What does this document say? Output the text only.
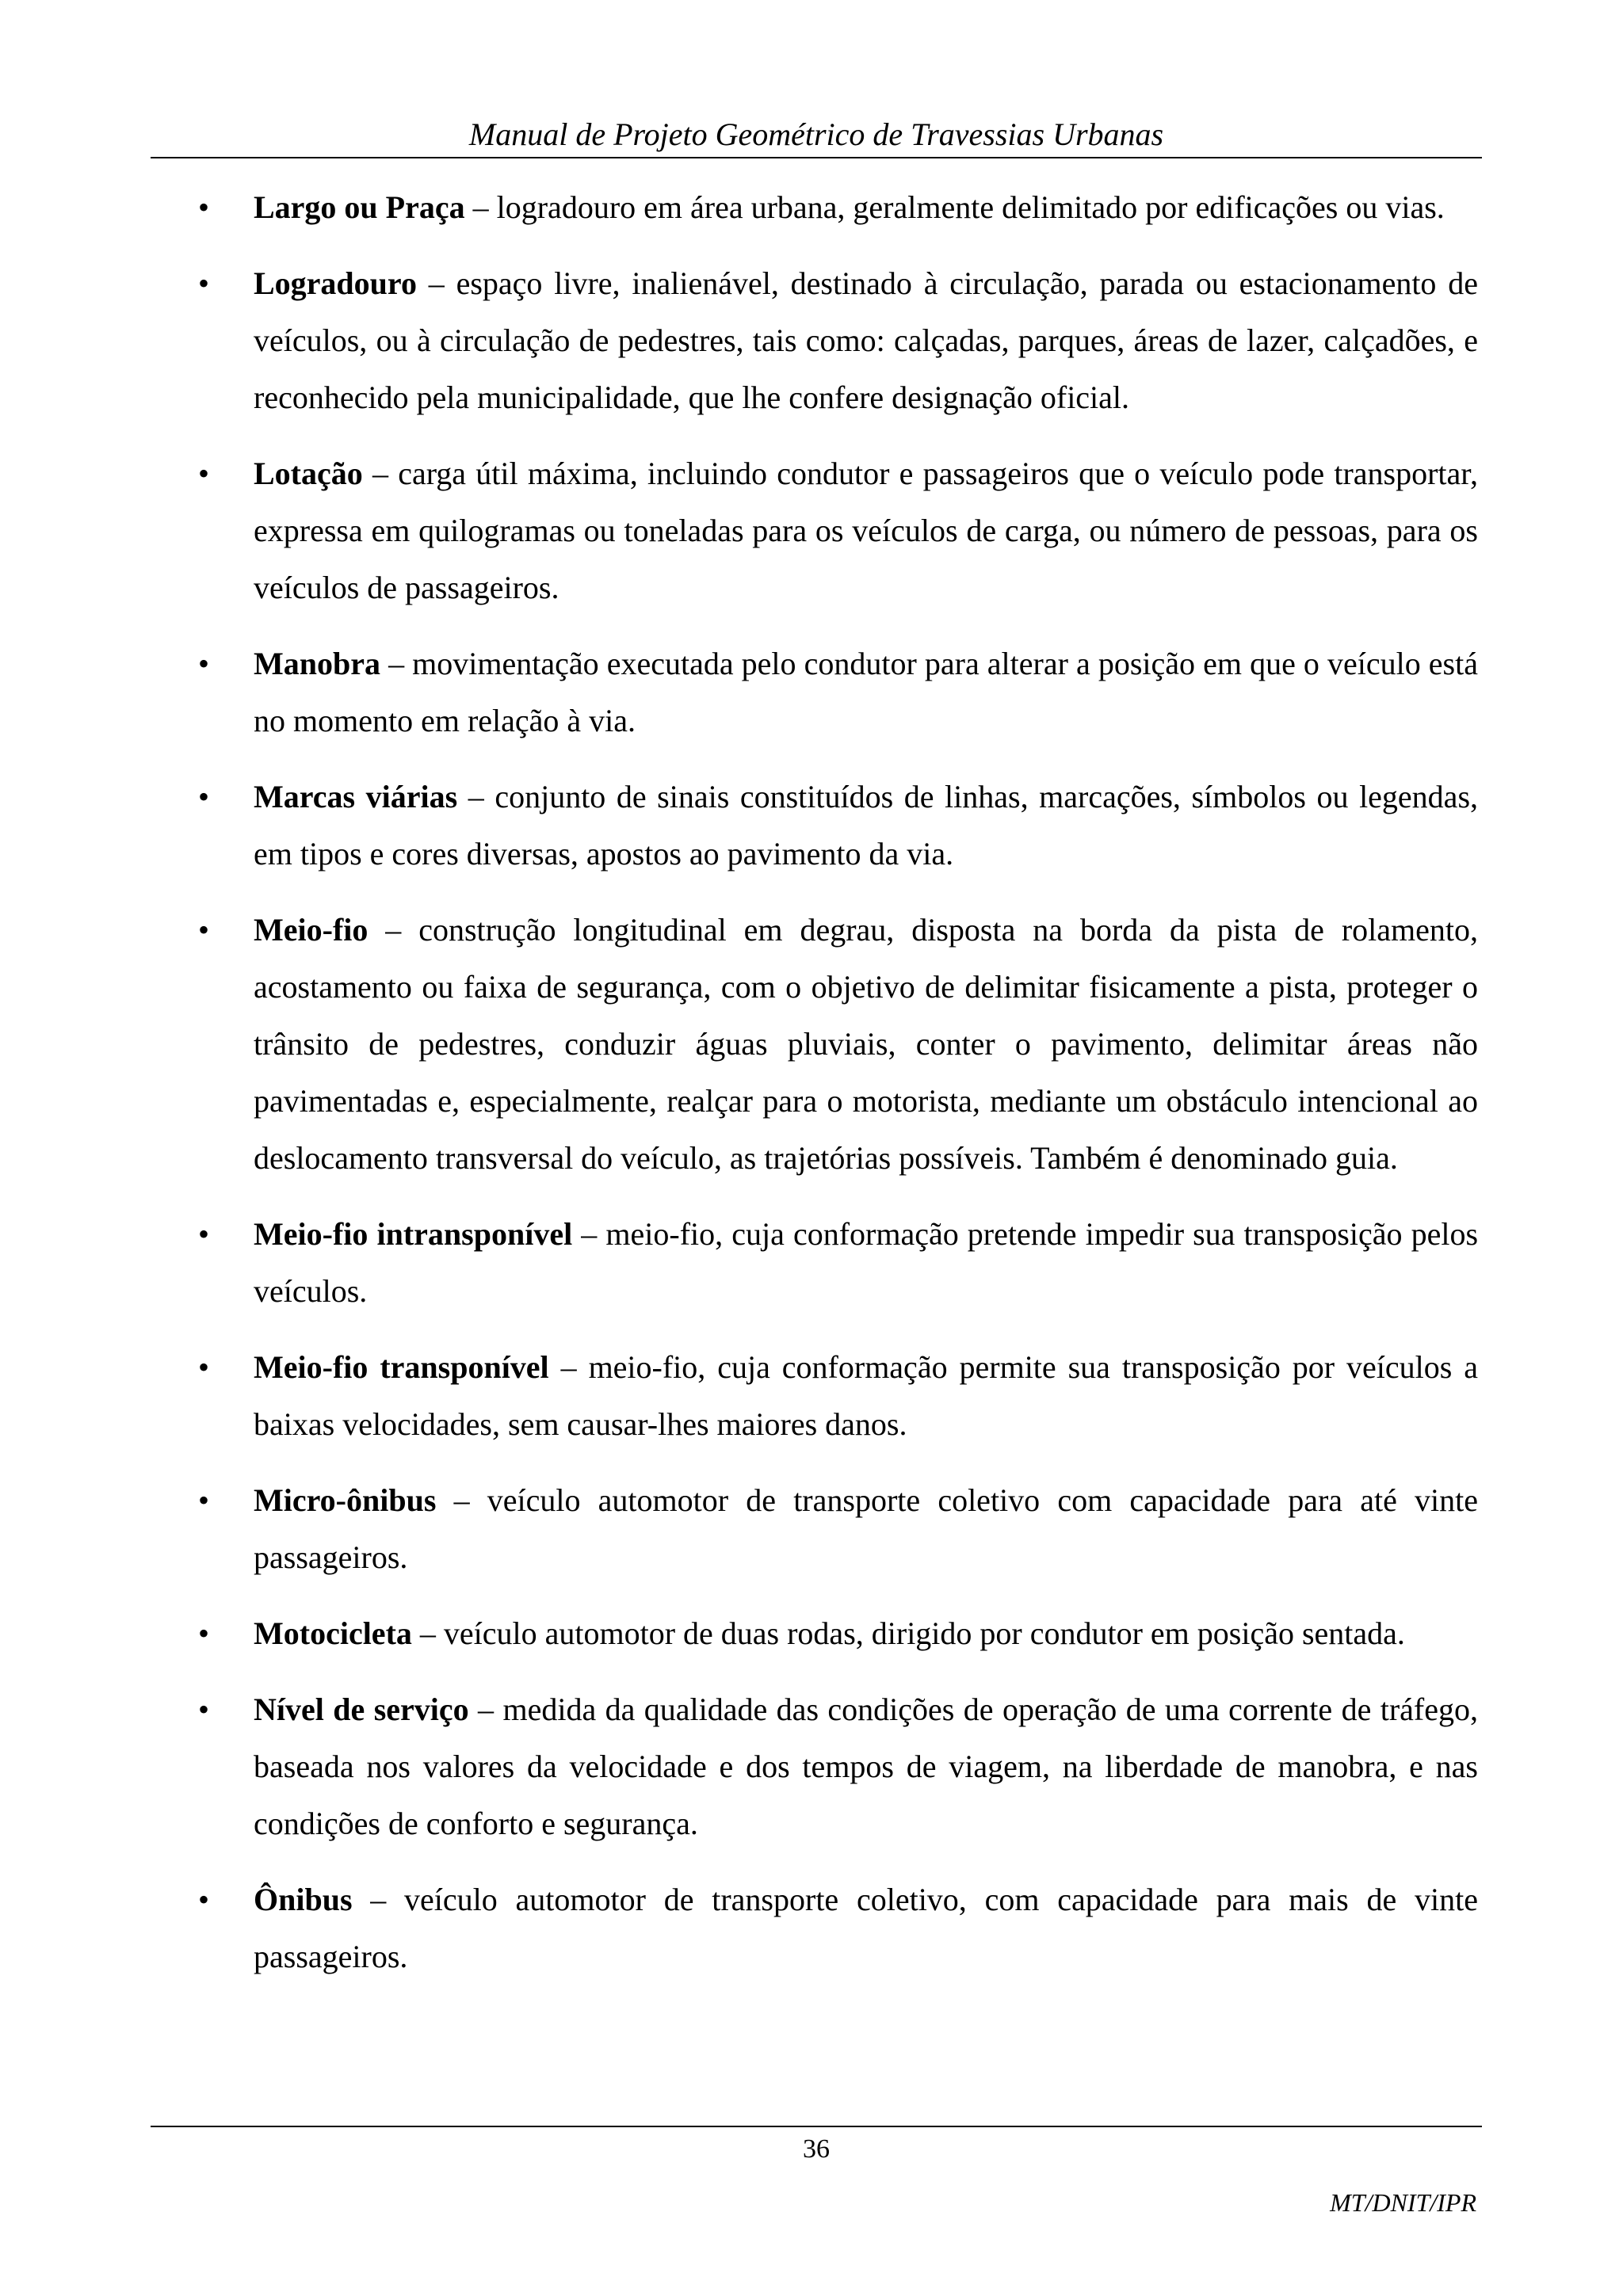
Manual de Projeto Geométrico de Travessias Urbanas
• Largo ou Praça – logradouro em área urbana, geralmente delimitado por edificações ou vias.
• Logradouro – espaço livre, inalienável, destinado à circulação, parada ou estacionamento de veículos, ou à circulação de pedestres, tais como: calçadas, parques, áreas de lazer, calçadões, e reconhecido pela municipalidade, que lhe confere designação oficial.
• Lotação – carga útil máxima, incluindo condutor e passageiros que o veículo pode transportar, expressa em quilogramas ou toneladas para os veículos de carga, ou número de pessoas, para os veículos de passageiros.
• Manobra – movimentação executada pelo condutor para alterar a posição em que o veículo está no momento em relação à via.
• Marcas viárias – conjunto de sinais constituídos de linhas, marcações, símbolos ou legendas, em tipos e cores diversas, apostos ao pavimento da via.
• Meio-fio – construção longitudinal em degrau, disposta na borda da pista de rolamento, acostamento ou faixa de segurança, com o objetivo de delimitar fisicamente a pista, proteger o trânsito de pedestres, conduzir águas pluviais, conter o pavimento, delimitar áreas não pavimentadas e, especialmente, realçar para o motorista, mediante um obstáculo intencional ao deslocamento transversal do veículo, as trajetórias possíveis. Também é denominado guia.
• Meio-fio intransponível – meio-fio, cuja conformação pretende impedir sua transposição pelos veículos.
• Meio-fio transponível – meio-fio, cuja conformação permite sua transposição por veículos a baixas velocidades, sem causar-lhes maiores danos.
• Micro-ônibus – veículo automotor de transporte coletivo com capacidade para até vinte passageiros.
• Motocicleta – veículo automotor de duas rodas, dirigido por condutor em posição sentada.
• Nível de serviço – medida da qualidade das condições de operação de uma corrente de tráfego, baseada nos valores da velocidade e dos tempos de viagem, na liberdade de manobra, e nas condições de conforto e segurança.
• Ônibus – veículo automotor de transporte coletivo, com capacidade para mais de vinte passageiros.
36
MT/DNIT/IPR
